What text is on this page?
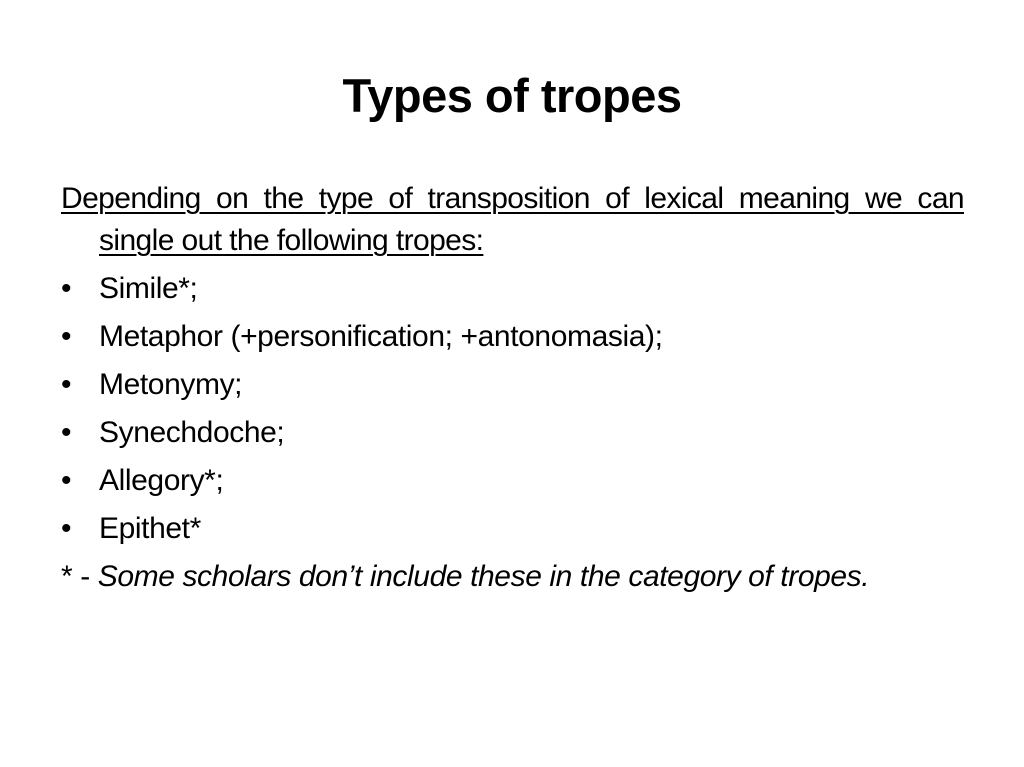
Types of tropes

Depending on the type of transposition of lexical meaning we can single out the following tropes:

• Simile*;
• Metaphor (+personification; +antonomasia);
• Metonymy;
• Synechdoche;
• Allegory*;
• Epithet*

* - Some scholars don’t include these in the category of tropes.
